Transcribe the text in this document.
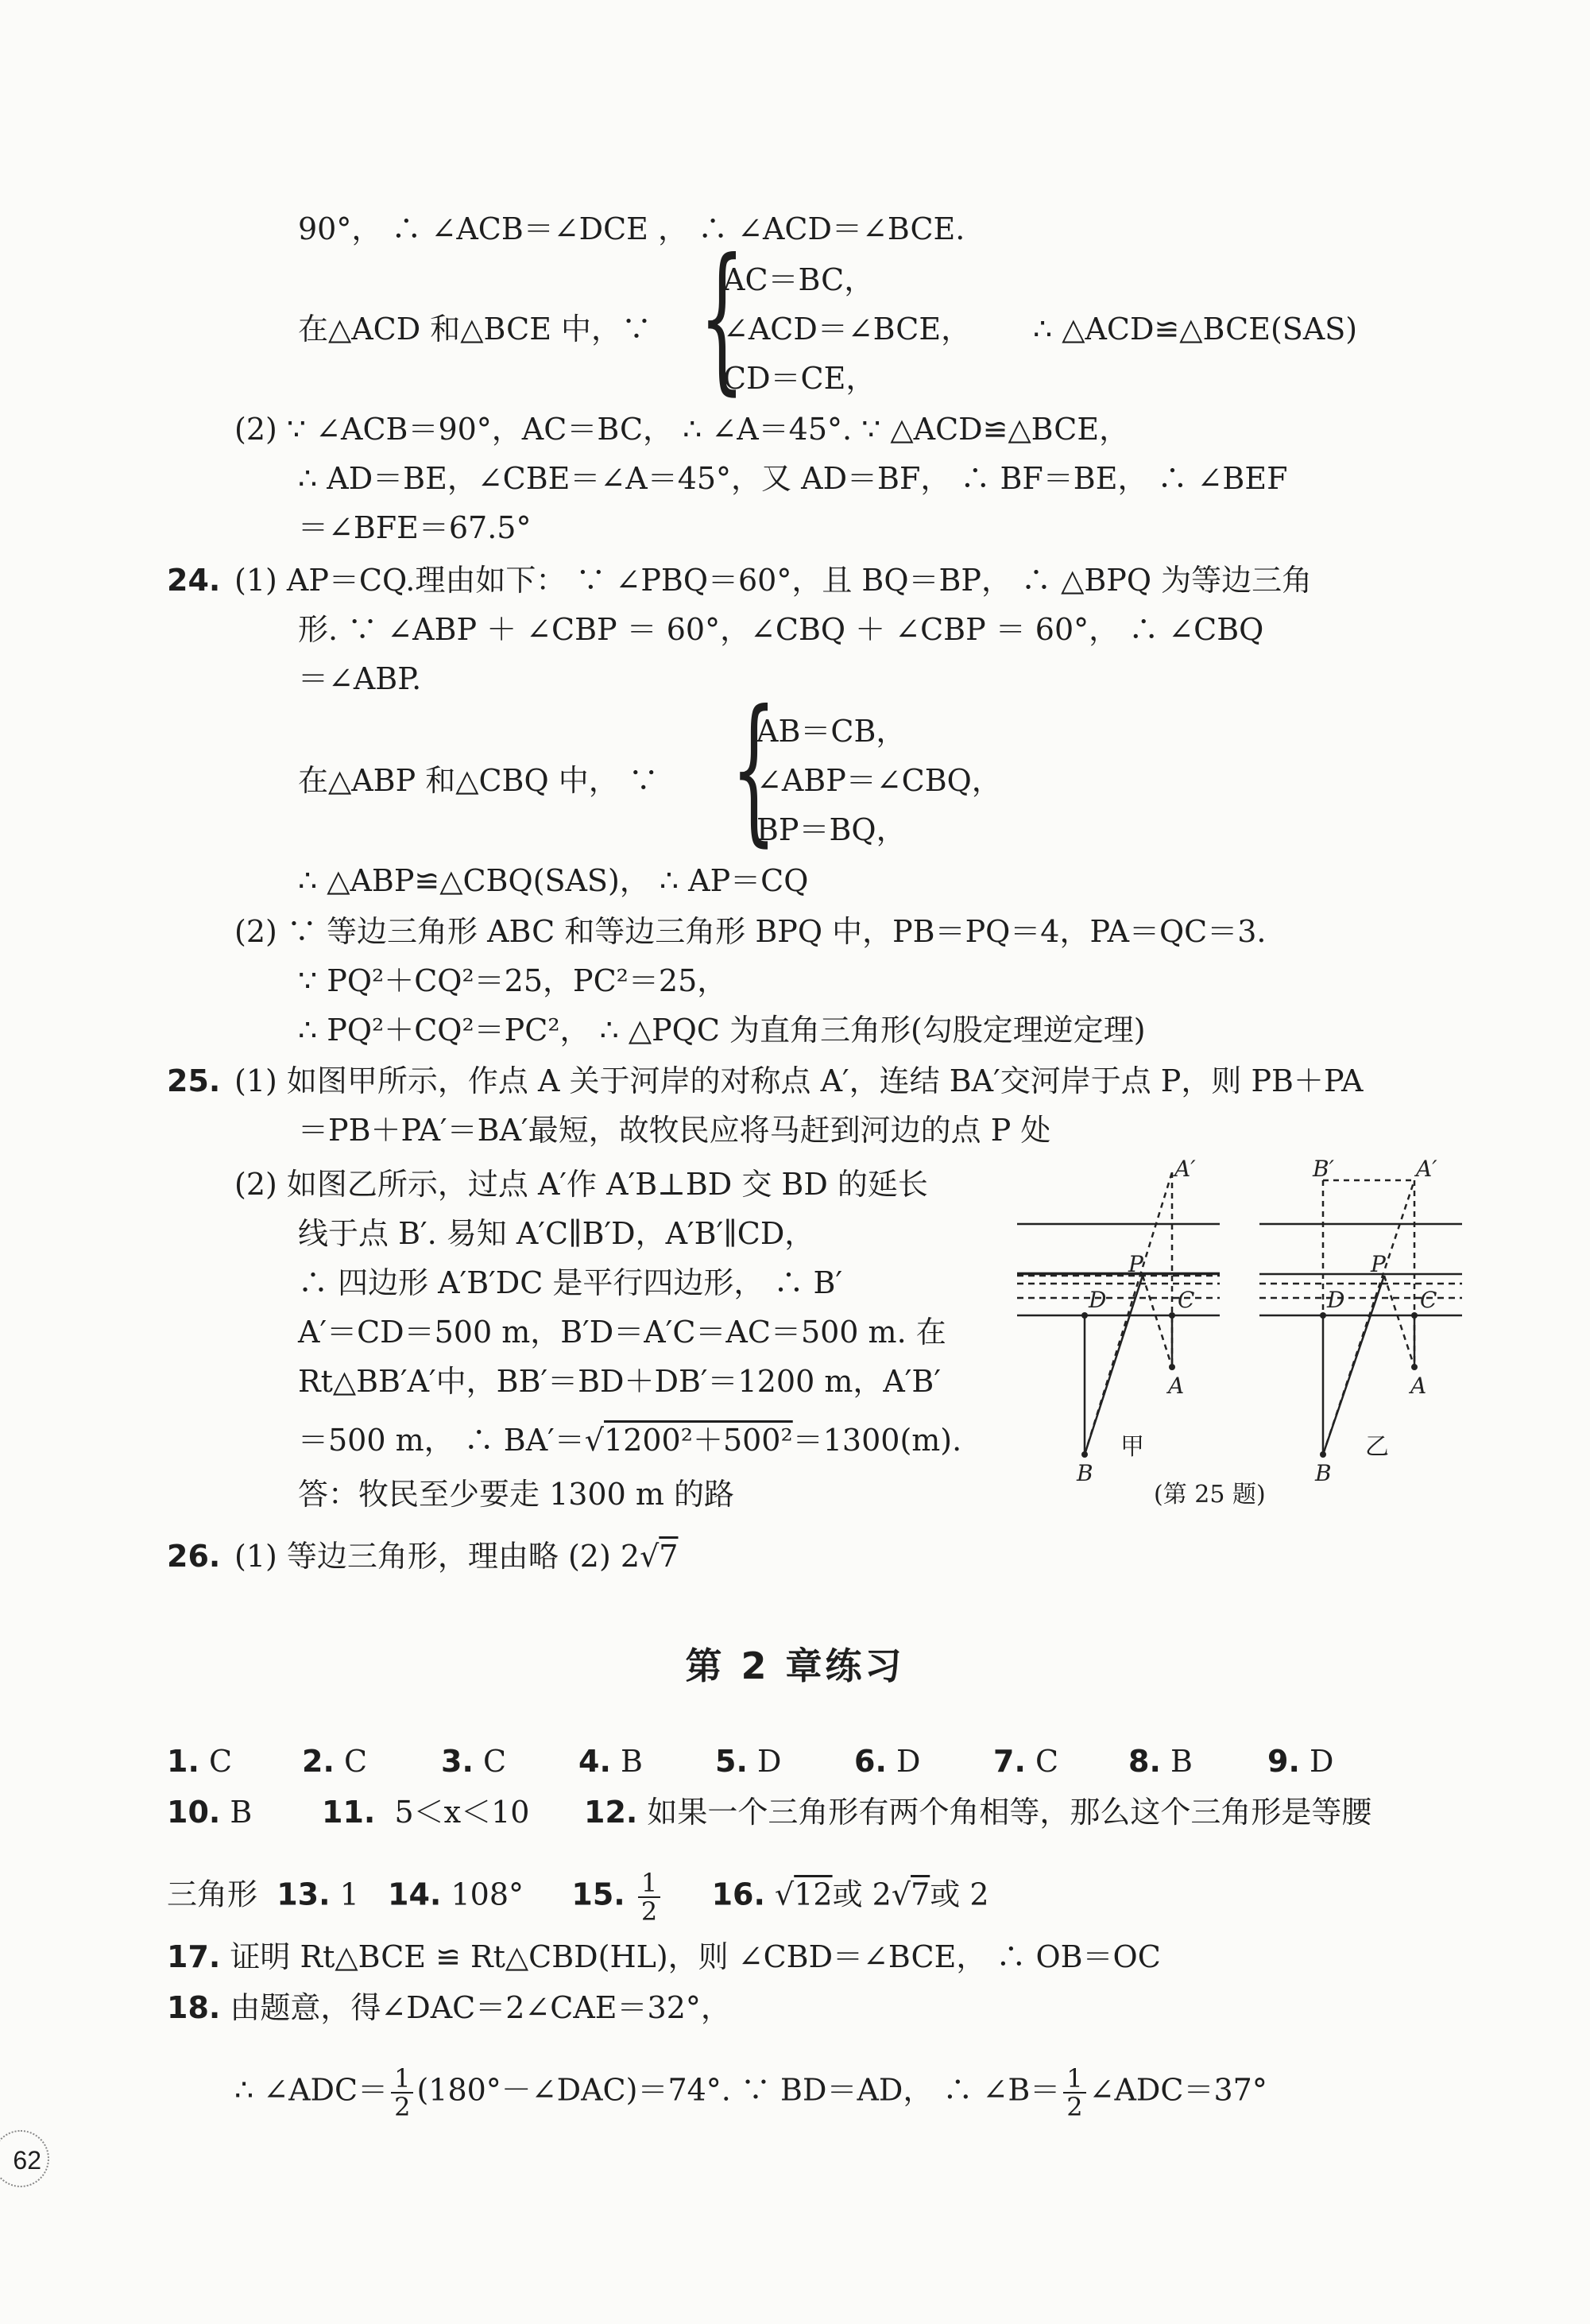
90°， ∴ ∠ACB＝∠DCE ， ∴ ∠ACD＝∠BCE.
在△ACD 和△BCE 中，∵ {
AC＝BC，
∠ACD＝∠BCE，
CD＝CE，
∴ △ACD≌△BCE(SAS)
(2) ∵ ∠ACB＝90°，AC＝BC， ∴ ∠A＝45°. ∵ △ACD≌△BCE，
∴ AD＝BE，∠CBE＝∠A＝45°，又 AD＝BF， ∴ BF＝BE， ∴ ∠BEF
＝∠BFE＝67.5°
24. (1) AP＝CQ.理由如下： ∵ ∠PBQ＝60°，且 BQ＝BP， ∴ △BPQ 为等边三角
形. ∵ ∠ABP ＋ ∠CBP ＝ 60°，∠CBQ ＋ ∠CBP ＝ 60°， ∴ ∠CBQ
＝∠ABP.
在△ABP 和△CBQ 中， ∵ {
AB＝CB，
∠ABP＝∠CBQ，
BP＝BQ，
∴ △ABP≌△CBQ(SAS)， ∴ AP＝CQ
(2) ∵ 等边三角形 ABC 和等边三角形 BPQ 中，PB＝PQ＝4，PA＝QC＝3.
∵ PQ²＋CQ²＝25，PC²＝25，
∴ PQ²＋CQ²＝PC²， ∴ △PQC 为直角三角形(勾股定理逆定理)
25. (1) 如图甲所示，作点 A 关于河岸的对称点 A′，连结 BA′交河岸于点 P，则 PB＋PA
＝PB＋PA′＝BA′最短，故牧民应将马赶到河边的点 P 处
(2) 如图乙所示，过点 A′作 A′B⊥BD 交 BD 的延长
线于点 B′. 易知 A′C∥B′D，A′B′∥CD，
∴ 四边形 A′B′DC 是平行四边形， ∴ B′
A′＝CD＝500 m，B′D＝A′C＝AC＝500 m. 在
Rt△BB′A′中，BB′＝BD＋DB′＝1200 m，A′B′
＝500 m， ∴ BA′＝√1200²＋500²＝1300(m).
答：牧民至少要走 1300 m 的路
26. (1) 等边三角形，理由略 (2) 2√7
A′
P
D	C
A
B
B′	A′
P
D	C
A
B
甲	乙
(第 25 题)
第 2 章练习
1. C 2. C 3. C 4. B 5. D 6. D 7. C 8. B 9. D
10. B 11. 5＜x＜10 12. 如果一个三角形有两个角相等，那么这个三角形是等腰
三角形 13. 1 14. 108° 15. $\frac{1}{2} 16$. √12或 2√7或 2
17. 证明 Rt△BCE ≌ Rt△CBD(HL)，则 ∠CBD＝∠BCE， ∴ OB＝OC
18. 由题意，得∠DAC＝2∠CAE＝32°，
∴ ∠ADC＝ $\frac{1}{2}$ (180°－∠DAC)＝74°. ∵ BD＝AD， ∴ ∠B＝ $\frac{1}{2}$ ∠ADC＝37°
62
